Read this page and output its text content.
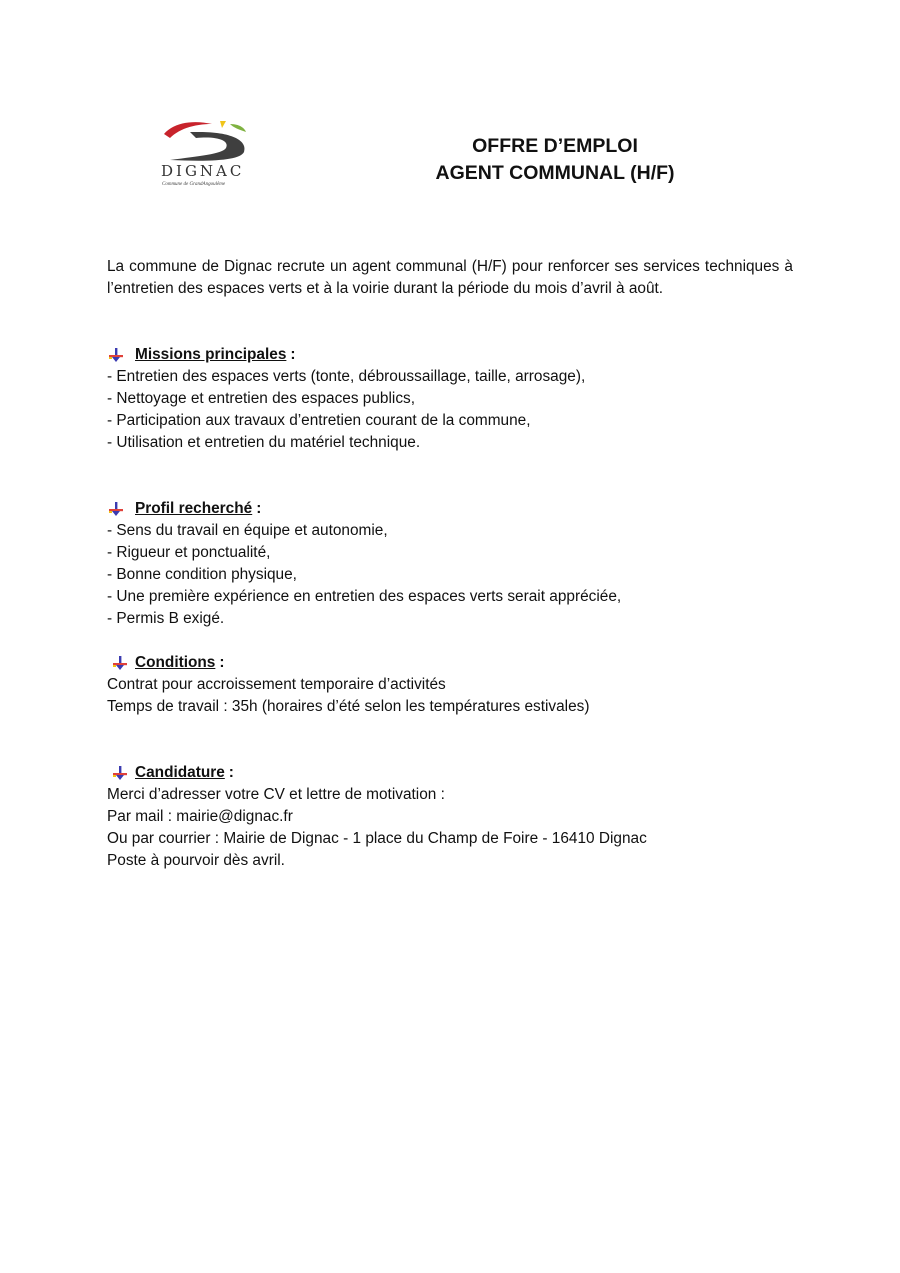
DIGNAC
Commune de GrandAngoulême
OFFRE D’EMPLOI
AGENT COMMUNAL (H/F)

La commune de Dignac recrute un agent communal (H/F) pour renforcer ses services techniques à l’entretien des espaces verts et à la voirie durant la période du mois d’avril à août.

Missions principales :
- Entretien des espaces verts (tonte, débroussaillage, taille, arrosage),
- Nettoyage et entretien des espaces publics,
- Participation aux travaux d’entretien courant de la commune,
- Utilisation et entretien du matériel technique.
Profil recherché :
- Sens du travail en équipe et autonomie,
- Rigueur et ponctualité,
- Bonne condition physique,
- Une première expérience en entretien des espaces verts serait appréciée,
- Permis B exigé.
Conditions :
Contrat pour accroissement temporaire d’activités
Temps de travail : 35h (horaires d’été selon les températures estivales)
Candidature :
Merci d’adresser votre CV et lettre de motivation :
Par mail : mairie@dignac.fr
Ou par courrier : Mairie de Dignac - 1 place du Champ de Foire - 16410 Dignac
Poste à pourvoir dès avril.
